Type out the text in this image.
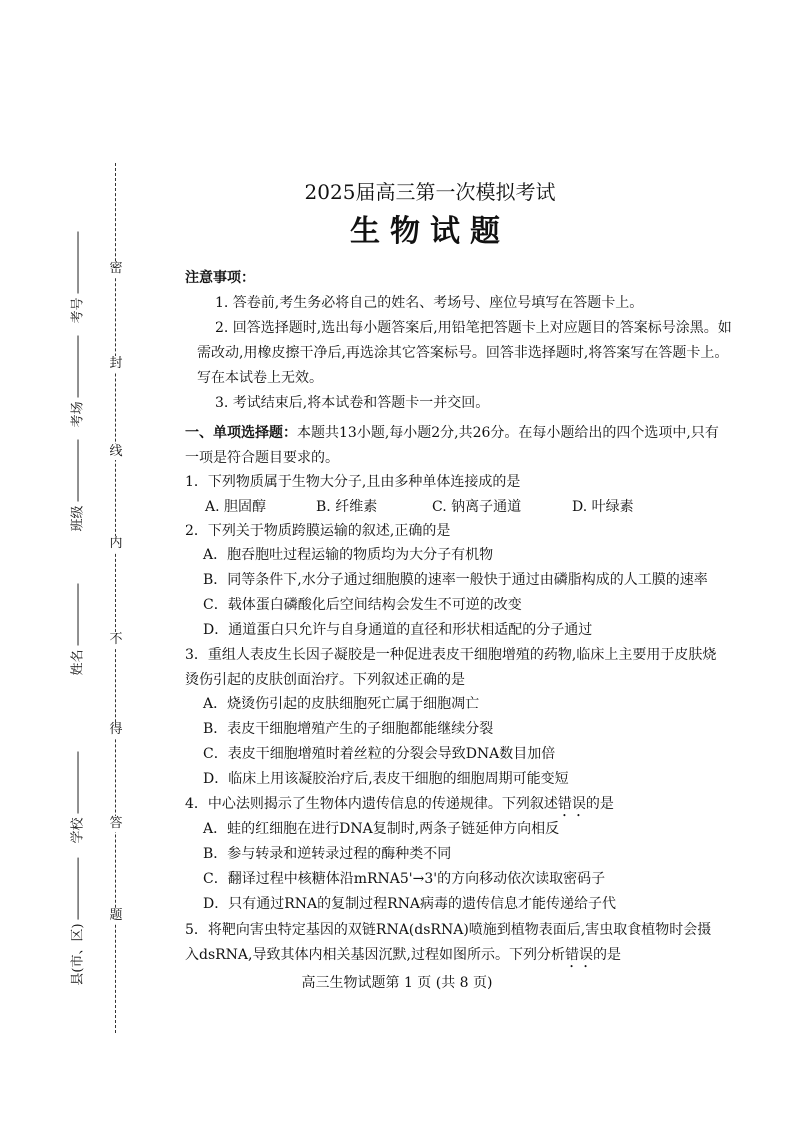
密
封
线
内
不
得
答
题
考号
考场
班级
姓名
学校
县(市、区)
2025届高三第一次模拟考试
生物试题
注意事项：
1. 答卷前,考生务必将自己的姓名、考场号、座位号填写在答题卡上。
2. 回答选择题时,选出每小题答案后,用铅笔把答题卡上对应题目的答案标号涂黑。如需改动,用橡皮擦干净后,再选涂其它答案标号。回答非选择题时,将答案写在答题卡上。写在本试卷上无效。
3. 考试结束后,将本试卷和答题卡一并交回。
一、单项选择题：本题共13小题,每小题2分,共26分。在每小题给出的四个选项中,只有一项是符合题目要求的。
1．下列物质属于生物大分子,且由多种单体连接成的是
A. 胆固醇	B. 纤维素	C. 钠离子通道	D. 叶绿素
2．下列关于物质跨膜运输的叙述,正确的是
A．胞吞胞吐过程运输的物质均为大分子有机物
B．同等条件下,水分子通过细胞膜的速率一般快于通过由磷脂构成的人工膜的速率
C．载体蛋白磷酸化后空间结构会发生不可逆的改变
D．通道蛋白只允许与自身通道的直径和形状相适配的分子通过
3．重组人表皮生长因子凝胶是一种促进表皮干细胞增殖的药物,临床上主要用于皮肤烧烫伤引起的皮肤创面治疗。下列叙述正确的是
A．烧烫伤引起的皮肤细胞死亡属于细胞凋亡
B．表皮干细胞增殖产生的子细胞都能继续分裂
C．表皮干细胞增殖时着丝粒的分裂会导致DNA数目加倍
D．临床上用该凝胶治疗后,表皮干细胞的细胞周期可能变短
4．中心法则揭示了生物体内遗传信息的传递规律。下列叙述错误的是
A．蛙的红细胞在进行DNA复制时,两条子链延伸方向相反
B．参与转录和逆转录过程的酶种类不同
C．翻译过程中核糖体沿mRNA5'→3'的方向移动依次读取密码子
D．只有通过RNA的复制过程RNA病毒的遗传信息才能传递给子代
5．将靶向害虫特定基因的双链RNA(dsRNA)喷施到植物表面后,害虫取食植物时会摄入dsRNA,导致其体内相关基因沉默,过程如图所示。下列分析错误的是
高三生物试题第 1 页 (共 8 页)
